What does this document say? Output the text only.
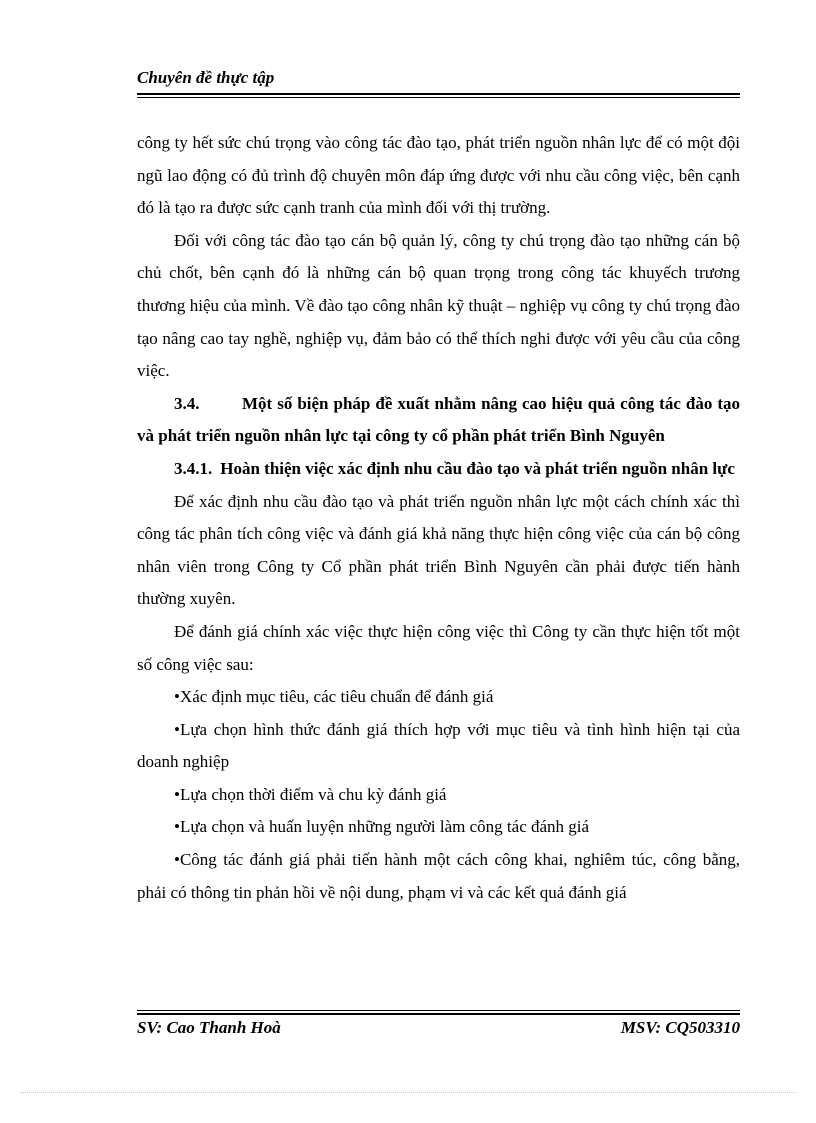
Chuyên đề thực tập

công ty hết sức chú trọng vào công tác đào tạo, phát triển nguồn nhân lực để có một đội ngũ lao động có đủ trình độ chuyên môn đáp ứng được với nhu cầu công việc, bên cạnh đó là tạo ra được sức cạnh tranh của mình đối với thị trường.

Đối với công tác đào tạo cán bộ quản lý, công ty chú trọng đào tạo những cán bộ chủ chốt, bên cạnh đó là những cán bộ quan trọng trong công tác khuyếch trương thương hiệu của mình. Về đào tạo công nhân kỹ thuật – nghiệp vụ công ty chú trọng đào tạo nâng cao tay nghề, nghiệp vụ, đảm bảo có thể thích nghi được với yêu cầu của công việc.

3.4.	Một số biện pháp đề xuất nhằm nâng cao hiệu quả công tác đào tạo và phát triển nguồn nhân lực tại công ty cổ phần phát triển Bình Nguyên

3.4.1. Hoàn thiện việc xác định nhu cầu đào tạo và phát triển nguồn nhân lực

Để xác định nhu cầu đào tạo và phát triển nguồn nhân lực một cách chính xác thì công tác phân tích công việc và đánh giá khả năng thực hiện công việc của cán bộ công nhân viên trong Công ty Cổ phần phát triển Bình Nguyên cần phải được tiến hành thường xuyên.

Để đánh giá chính xác việc thực hiện công việc thì Công ty cần thực hiện tốt một số công việc sau:

•Xác định mục tiêu, các tiêu chuẩn để đánh giá

•Lựa chọn hình thức đánh giá thích hợp với mục tiêu và tình hình hiện tại của doanh nghiệp

•Lựa chọn thời điểm và chu kỳ đánh giá

•Lựa chọn và huấn luyện những người làm công tác đánh giá

•Công tác đánh giá phải tiến hành một cách công khai, nghiêm túc, công bằng, phải có thông tin phản hồi về nội dung, phạm vi và các kết quả đánh giá

SV: Cao Thanh Hoà	MSV: CQ503310
